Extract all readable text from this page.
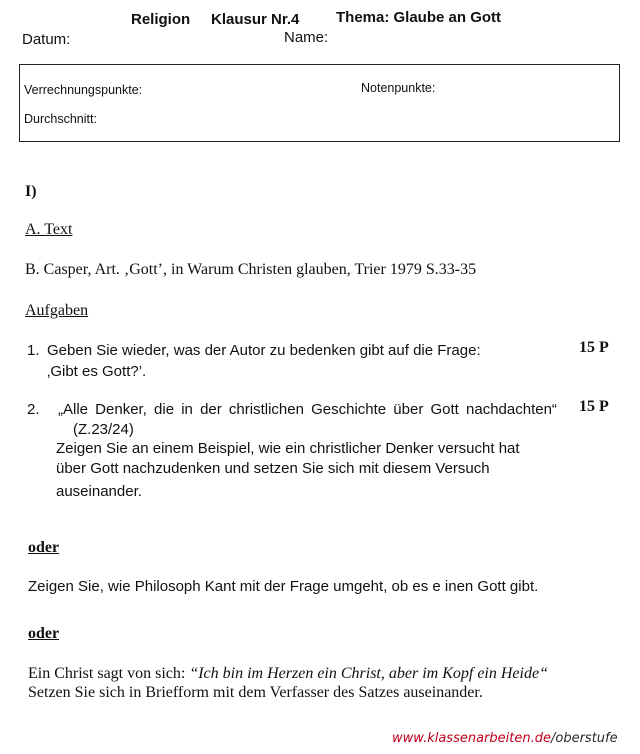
Religion Klausur Nr.4 Thema: Glaube an Gott
Datum:	Name:
Verrechnungspunkte:	Notenpunkte:
Durchschnitt:
I)
A. Text
B. Casper, Art. ‚Gott’, in Warum Christen glauben, Trier 1979 S.33-35
Aufgaben
1. Geben Sie wieder, was der Autor zu bedenken gibt auf die Frage:
‚Gibt es Gott?’.
15 P
2. „Alle Denker, die in der christlichen Geschichte über Gott nachdachten“
(Z.23/24)
Zeigen Sie an einem Beispiel, wie ein christlicher Denker versucht hat
über Gott nachzudenken und setzen Sie sich mit diesem Versuch
auseinander.
15 P
oder
Zeigen Sie, wie Philosoph Kant mit der Frage umgeht, ob es e inen Gott gibt.
oder
Ein Christ sagt von sich: “Ich bin im Herzen ein Christ, aber im Kopf ein Heide“
Setzen Sie sich in Briefform mit dem Verfasser des Satzes auseinander.
www.klassenarbeiten.de/oberstufe
